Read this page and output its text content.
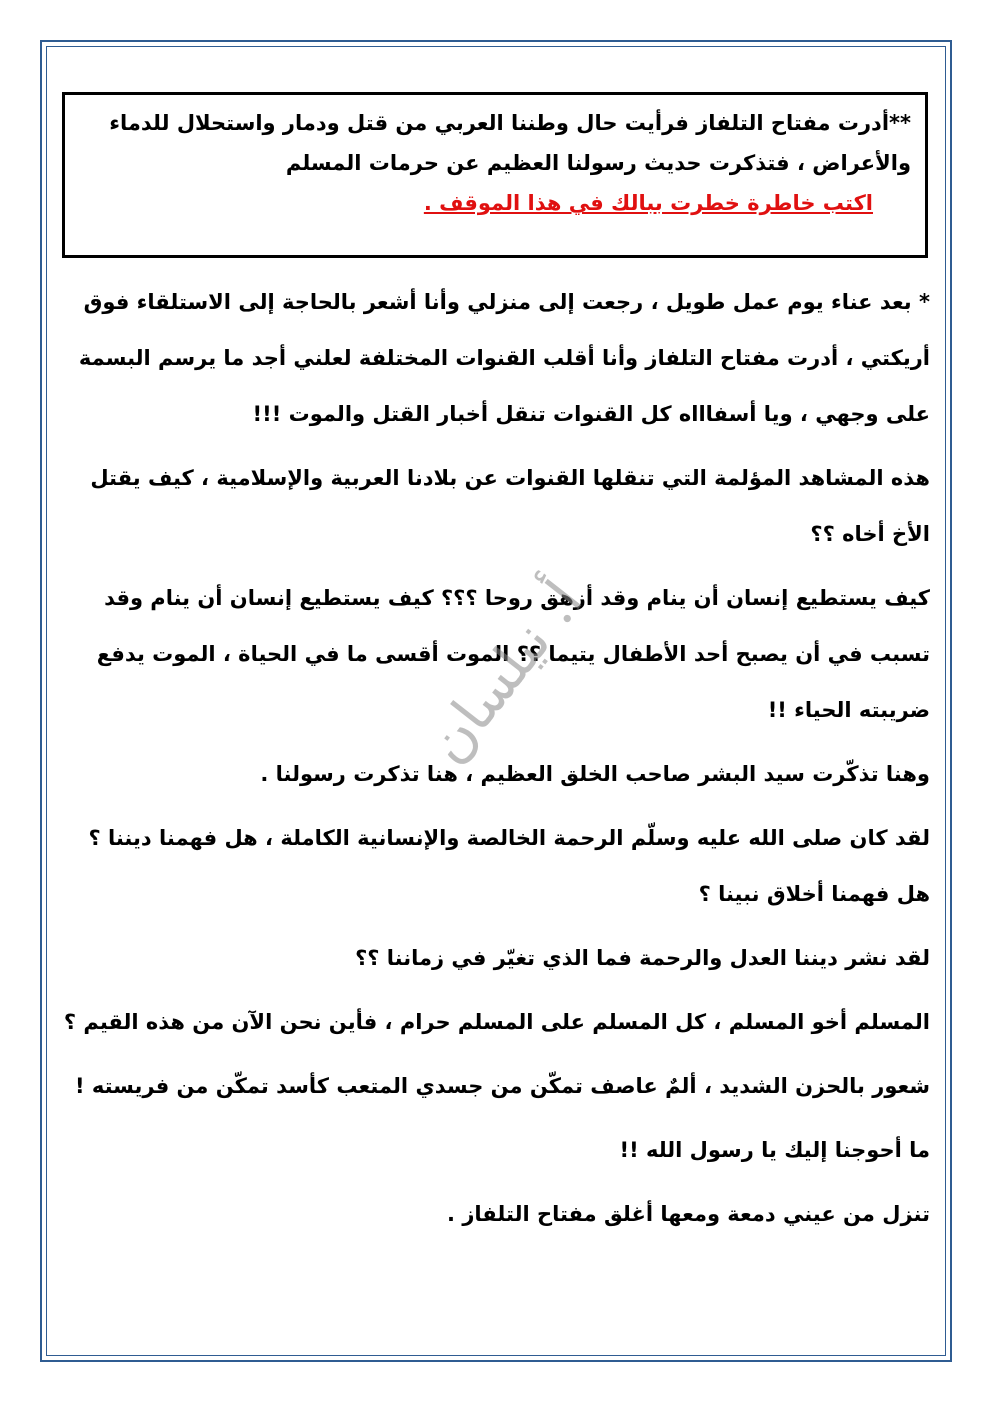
**أدرت مفتاح التلفاز فرأيت حال وطننا العربي من قتل ودمار واستحلال للدماء
والأعراض ، فتذكرت حديث رسولنا العظيم عن حرمات المسلم
اكتب خاطرة خطرت ببالك في هذا الموقف .
* بعد عناء يوم عمل طويل ، رجعت إلى منزلي وأنا أشعر بالحاجة إلى الاستلقاء فوق
أريكتي ، أدرت مفتاح التلفاز وأنا أقلب القنوات المختلفة لعلني أجد ما يرسم البسمة
على وجهي ، ويا أسفاااه كل القنوات تنقل أخبار القتل والموت !!!
هذه المشاهد المؤلمة التي تنقلها القنوات عن بلادنا العربية والإسلامية ، كيف يقتل
الأخ أخاه ؟؟
كيف يستطيع إنسان أن ينام وقد أزهق روحا ؟؟؟ كيف يستطيع إنسان أن ينام وقد
تسبب في أن يصبح أحد الأطفال يتيما ؟؟ الموت أقسى ما في الحياة ، الموت يدفع
ضريبته الحياء !!
وهنا تذكّرت سيد البشر صاحب الخلق العظيم ، هنا تذكرت رسولنا .
لقد كان صلى الله عليه وسلّم الرحمة الخالصة والإنسانية الكاملة ، هل فهمنا ديننا ؟
هل فهمنا أخلاق نبينا ؟
لقد نشر ديننا العدل والرحمة فما الذي تغيّر في زماننا ؟؟
المسلم أخو المسلم ، كل المسلم على المسلم حرام ، فأين نحن الآن من هذه القيم ؟
شعور بالحزن الشديد ، ألمٌ عاصف تمكّن من جسدي المتعب كأسد تمكّن من فريسته !
ما أحوجنا إليك يا رسول الله !!
تنزل من عيني دمعة ومعها أغلق مفتاح التلفاز .
أ. نيلسان
